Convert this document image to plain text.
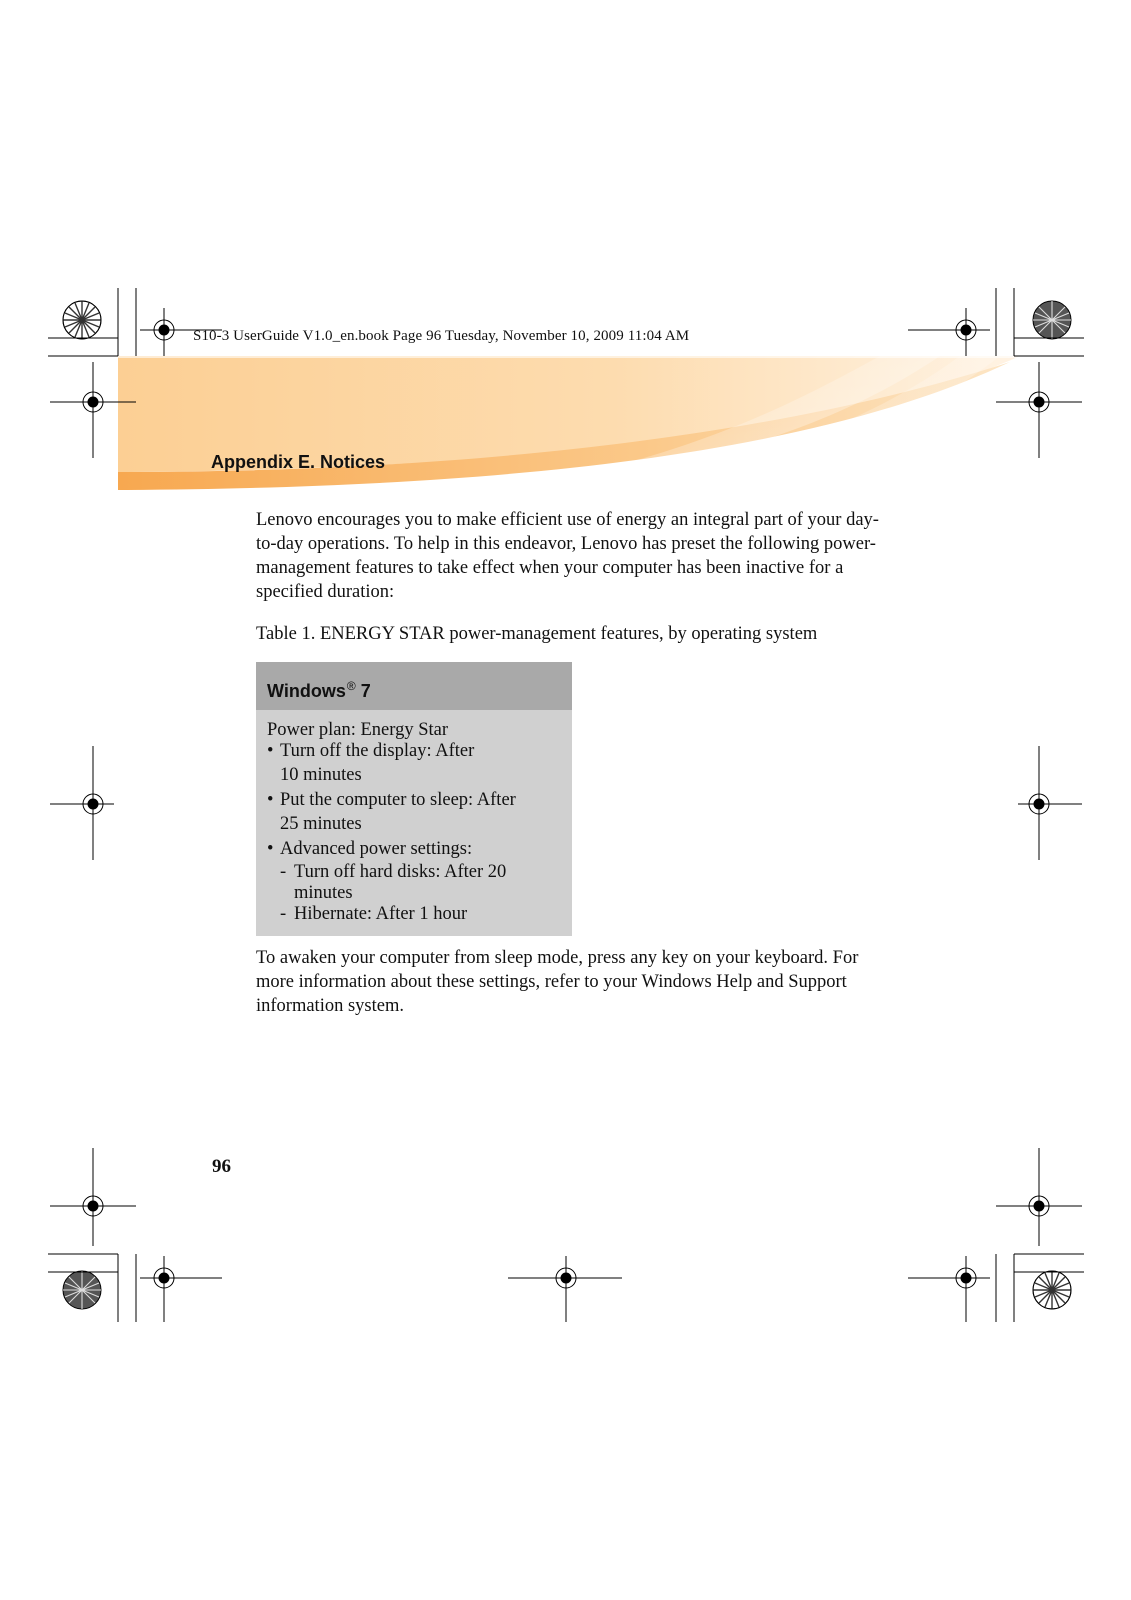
S10-3 UserGuide V1.0_en.book Page 96 Tuesday, November 10, 2009 11:04 AM
Appendix E. Notices

Lenovo encourages you to make efficient use of energy an integral part of your day-to-day operations. To help in this endeavor, Lenovo has preset the following power-management features to take effect when your computer has been inactive for a specified duration:

Table 1. ENERGY STAR power-management features, by operating system
Windows® 7
Power plan: Energy Star
• Turn off the display: After
10 minutes
• Put the computer to sleep: After
25 minutes
• Advanced power settings:
- Turn off hard disks: After 20
minutes
- Hibernate: After 1 hour

To awaken your computer from sleep mode, press any key on your keyboard. For more information about these settings, refer to your Windows Help and Support information system.

96
